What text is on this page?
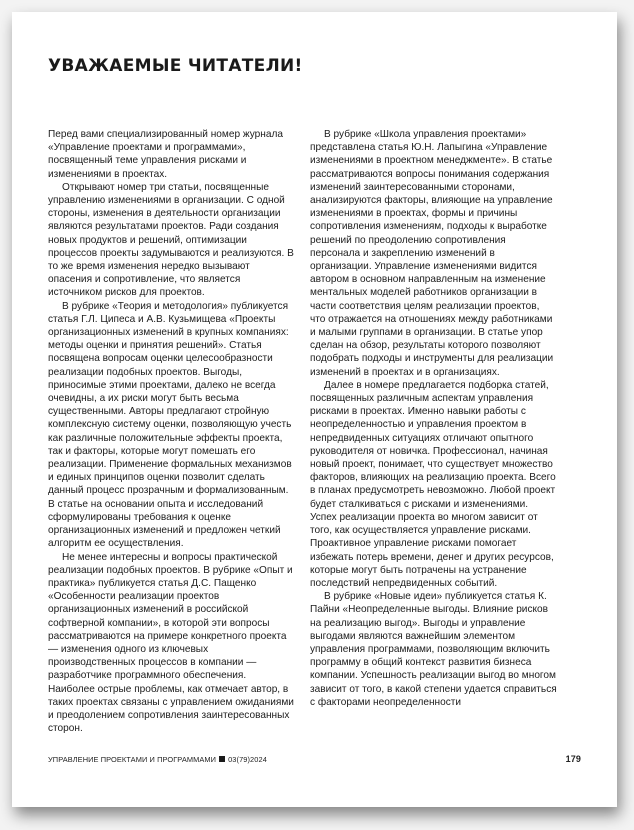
УВАЖАЕМЫЕ ЧИТАТЕЛИ!

Перед вами специализированный номер журнала «Управление проектами и программами», посвященный теме управления рисками и изменениями в проектах.

Открывают номер три статьи, посвященные управлению изменениями в организации. С одной стороны, изменения в деятельности организации являются результатами проектов. Ради создания новых продуктов и решений, оптимизации процессов проекты задумываются и реализуются. В то же время изменения нередко вызывают опасения и сопротивление, что является источником рисков для проектов.

В рубрике «Теория и методология» публикуется статья Г.Л. Ципеса и А.В. Кузьмищева «Проекты организационных изменений в крупных компаниях: методы оценки и принятия решений». Статья посвящена вопросам оценки целесообразности реализации подобных проектов. Выгоды, приносимые этими проектами, далеко не всегда очевидны, а их риски могут быть весьма существенными. Авторы предлагают стройную комплексную систему оценки, позволяющую учесть как различные положительные эффекты проекта, так и факторы, которые могут помешать его реализации. Применение формальных механизмов и единых принципов оценки позволит сделать данный процесс прозрачным и формализованным. В статье на основании опыта и исследований сформулированы требования к оценке организационных изменений и предложен четкий алгоритм ее осуществления.

Не менее интересны и вопросы практической реализации подобных проектов. В рубрике «Опыт и практика» публикуется статья Д.С. Пащенко «Особенности реализации проектов организационных изменений в российской софтверной компании», в которой эти вопросы рассматриваются на примере конкретного проекта — изменения одного из ключевых производственных процессов в компании — разработчике программного обеспечения. Наиболее острые проблемы, как отмечает автор, в таких проектах связаны с управлением ожиданиями и преодолением сопротивления заинтересованных сторон.

В рубрике «Школа управления проектами» представлена статья Ю.Н. Лапыгина «Управление изменениями в проектном менеджменте». В статье рассматриваются вопросы понимания содержания изменений заинтересованными сторонами, анализируются факторы, влияющие на управление изменениями в проектах, формы и причины сопротивления изменениям, подходы к выработке решений по преодолению сопротивления персонала и закреплению изменений в организации. Управление изменениями видится автором в основном направленным на изменение ментальных моделей работников организации в части соответствия целям реализации проектов, что отражается на отношениях между работниками и малыми группами в организации. В статье упор сделан на обзор, результаты которого позволяют подобрать подходы и инструменты для реализации изменений в проектах и в организациях.

Далее в номере предлагается подборка статей, посвященных различным аспектам управления рисками в проектах. Именно навыки работы с неопределенностью и управления проектом в непредвиденных ситуациях отличают опытного руководителя от новичка. Профессионал, начиная новый проект, понимает, что существует множество факторов, влияющих на реализацию проекта. Всего в планах предусмотреть невозможно. Любой проект будет сталкиваться с рисками и изменениями. Успех реализации проекта во многом зависит от того, как осуществляется управление рисками. Проактивное управление рисками помогает избежать потерь времени, денег и других ресурсов, которые могут быть потрачены на устранение последствий непредвиденных событий.

В рубрике «Новые идеи» публикуется статья К. Пайни «Неопределенные выгоды. Влияние рисков на реализацию выгод». Выгоды и управление выгодами являются важнейшим элементом управления программами, позволяющим включить программу в общий контекст развития бизнеса компании. Успешность реализации выгод во многом зависит от того, в какой степени удается справиться с факторами неопределенности

УПРАВЛЕНИЕ ПРОЕКТАМИ И ПРОГРАММАМИ 03(79)2024	179
